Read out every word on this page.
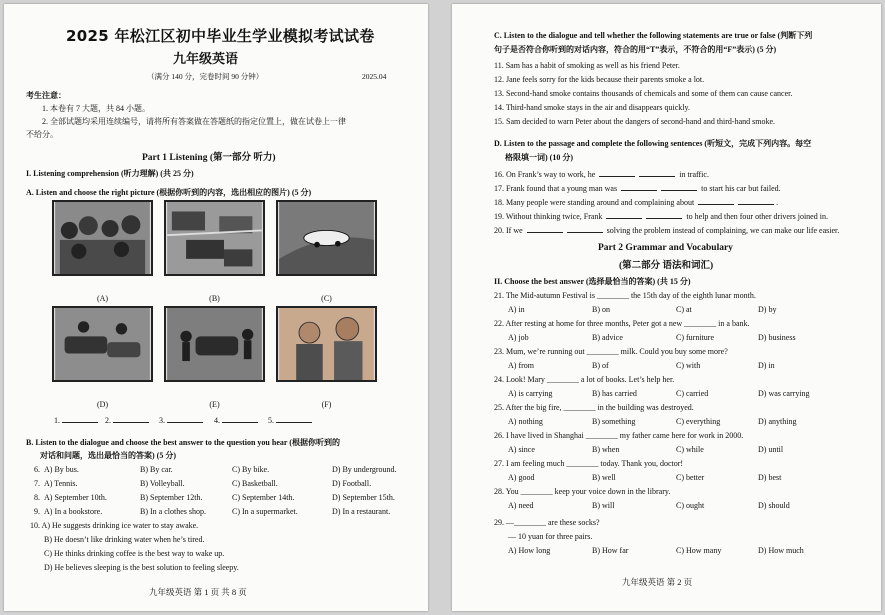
2025 年松江区初中毕业生学业模拟考试试卷
九年级英语
（满分 140 分，完卷时间 90 分钟）	2025.04
考生注意：
1. 本卷有 7 大题，共 84 小题。
2. 全部试题均采用连续编号，请将所有答案做在答题纸的指定位置上，做在试卷上一律
不给分。
Part 1 Listening (第一部分 听力)
I. Listening comprehension (听力理解) (共 25 分)
A. Listen and choose the right picture (根据你听到的内容，选出相应的图片) (5 分)
(A)	(B)	(C)
(D)	(E)	(F)
1.	2.	3.	4.	5.
B. Listen to the dialogue and choose the best answer to the question you hear (根据你听到的
对话和问题，选出最恰当的答案) (5 分)
6. A) By bus.	B) By car.	C) By bike.	D) By underground.
7. A) Tennis.	B) Volleyball.	C) Basketball.	D) Football.
8. A) September 10th.	B) September 12th.	C) September 14th.	D) September 15th.
9. A) In a bookstore.	B) In a clothes shop.	C) In a supermarket.	D) In a restaurant.
10. A) He suggests drinking ice water to stay awake.
B) He doesn’t like drinking water when he’s tired.
C) He thinks drinking coffee is the best way to wake up.
D) He believes sleeping is the best solution to feeling sleepy.
九年级英语 第 1 页 共 8 页
C. Listen to the dialogue and tell whether the following statements are true or false (判断下列
句子是否符合你听到的对话内容，符合的用“T”表示，不符合的用“F”表示) (5 分)
11. Sam has a habit of smoking as well as his friend Peter.
12. Jane feels sorry for the kids because their parents smoke a lot.
13. Second-hand smoke contains thousands of chemicals and some of them can cause cancer.
14. Third-hand smoke stays in the air and disappears quickly.
15. Sam decided to warn Peter about the dangers of second-hand and third-hand smoke.
D. Listen to the passage and complete the following sentences (听短文，完成下列内容。每空
格限填一词) (10 分)
16. On Frank’s way to work, he	in traffic.
17. Frank found that a young man was	to start his car but failed.
18. Many people were standing around and complaining about	.
19. Without thinking twice, Frank	to help and then four other drivers joined in.
20. If we	solving the problem instead of complaining, we can make our life easier.
Part 2 Grammar and Vocabulary
(第二部分 语法和词汇)
II. Choose the best answer (选择最恰当的答案) (共 15 分)
21. The Mid-autumn Festival is ________ the 15th day of the eighth lunar month.
A) in	B) on	C) at	D) by
22. After resting at home for three months, Peter got a new ________ in a bank.
A) job	B) advice	C) furniture	D) business
23. Mum, we’re running out ________ milk. Could you buy some more?
A) from	B) of	C) with	D) in
24. Look! Mary ________ a lot of books. Let’s help her.
A) is carrying	B) has carried	C) carried	D) was carrying
25. After the big fire, ________ in the building was destroyed.
A) nothing	B) something	C) everything	D) anything
26. I have lived in Shanghai ________ my father came here for work in 2000.
A) since	B) when	C) while	D) until
27. I am feeling much ________ today. Thank you, doctor!
A) good	B) well	C) better	D) best
28. You ________ keep your voice down in the library.
A) need	B) will	C) ought	D) should
29. —________ are these socks?
— 10 yuan for three pairs.
A) How long	B) How far	C) How many	D) How much
九年级英语 第 2 页
